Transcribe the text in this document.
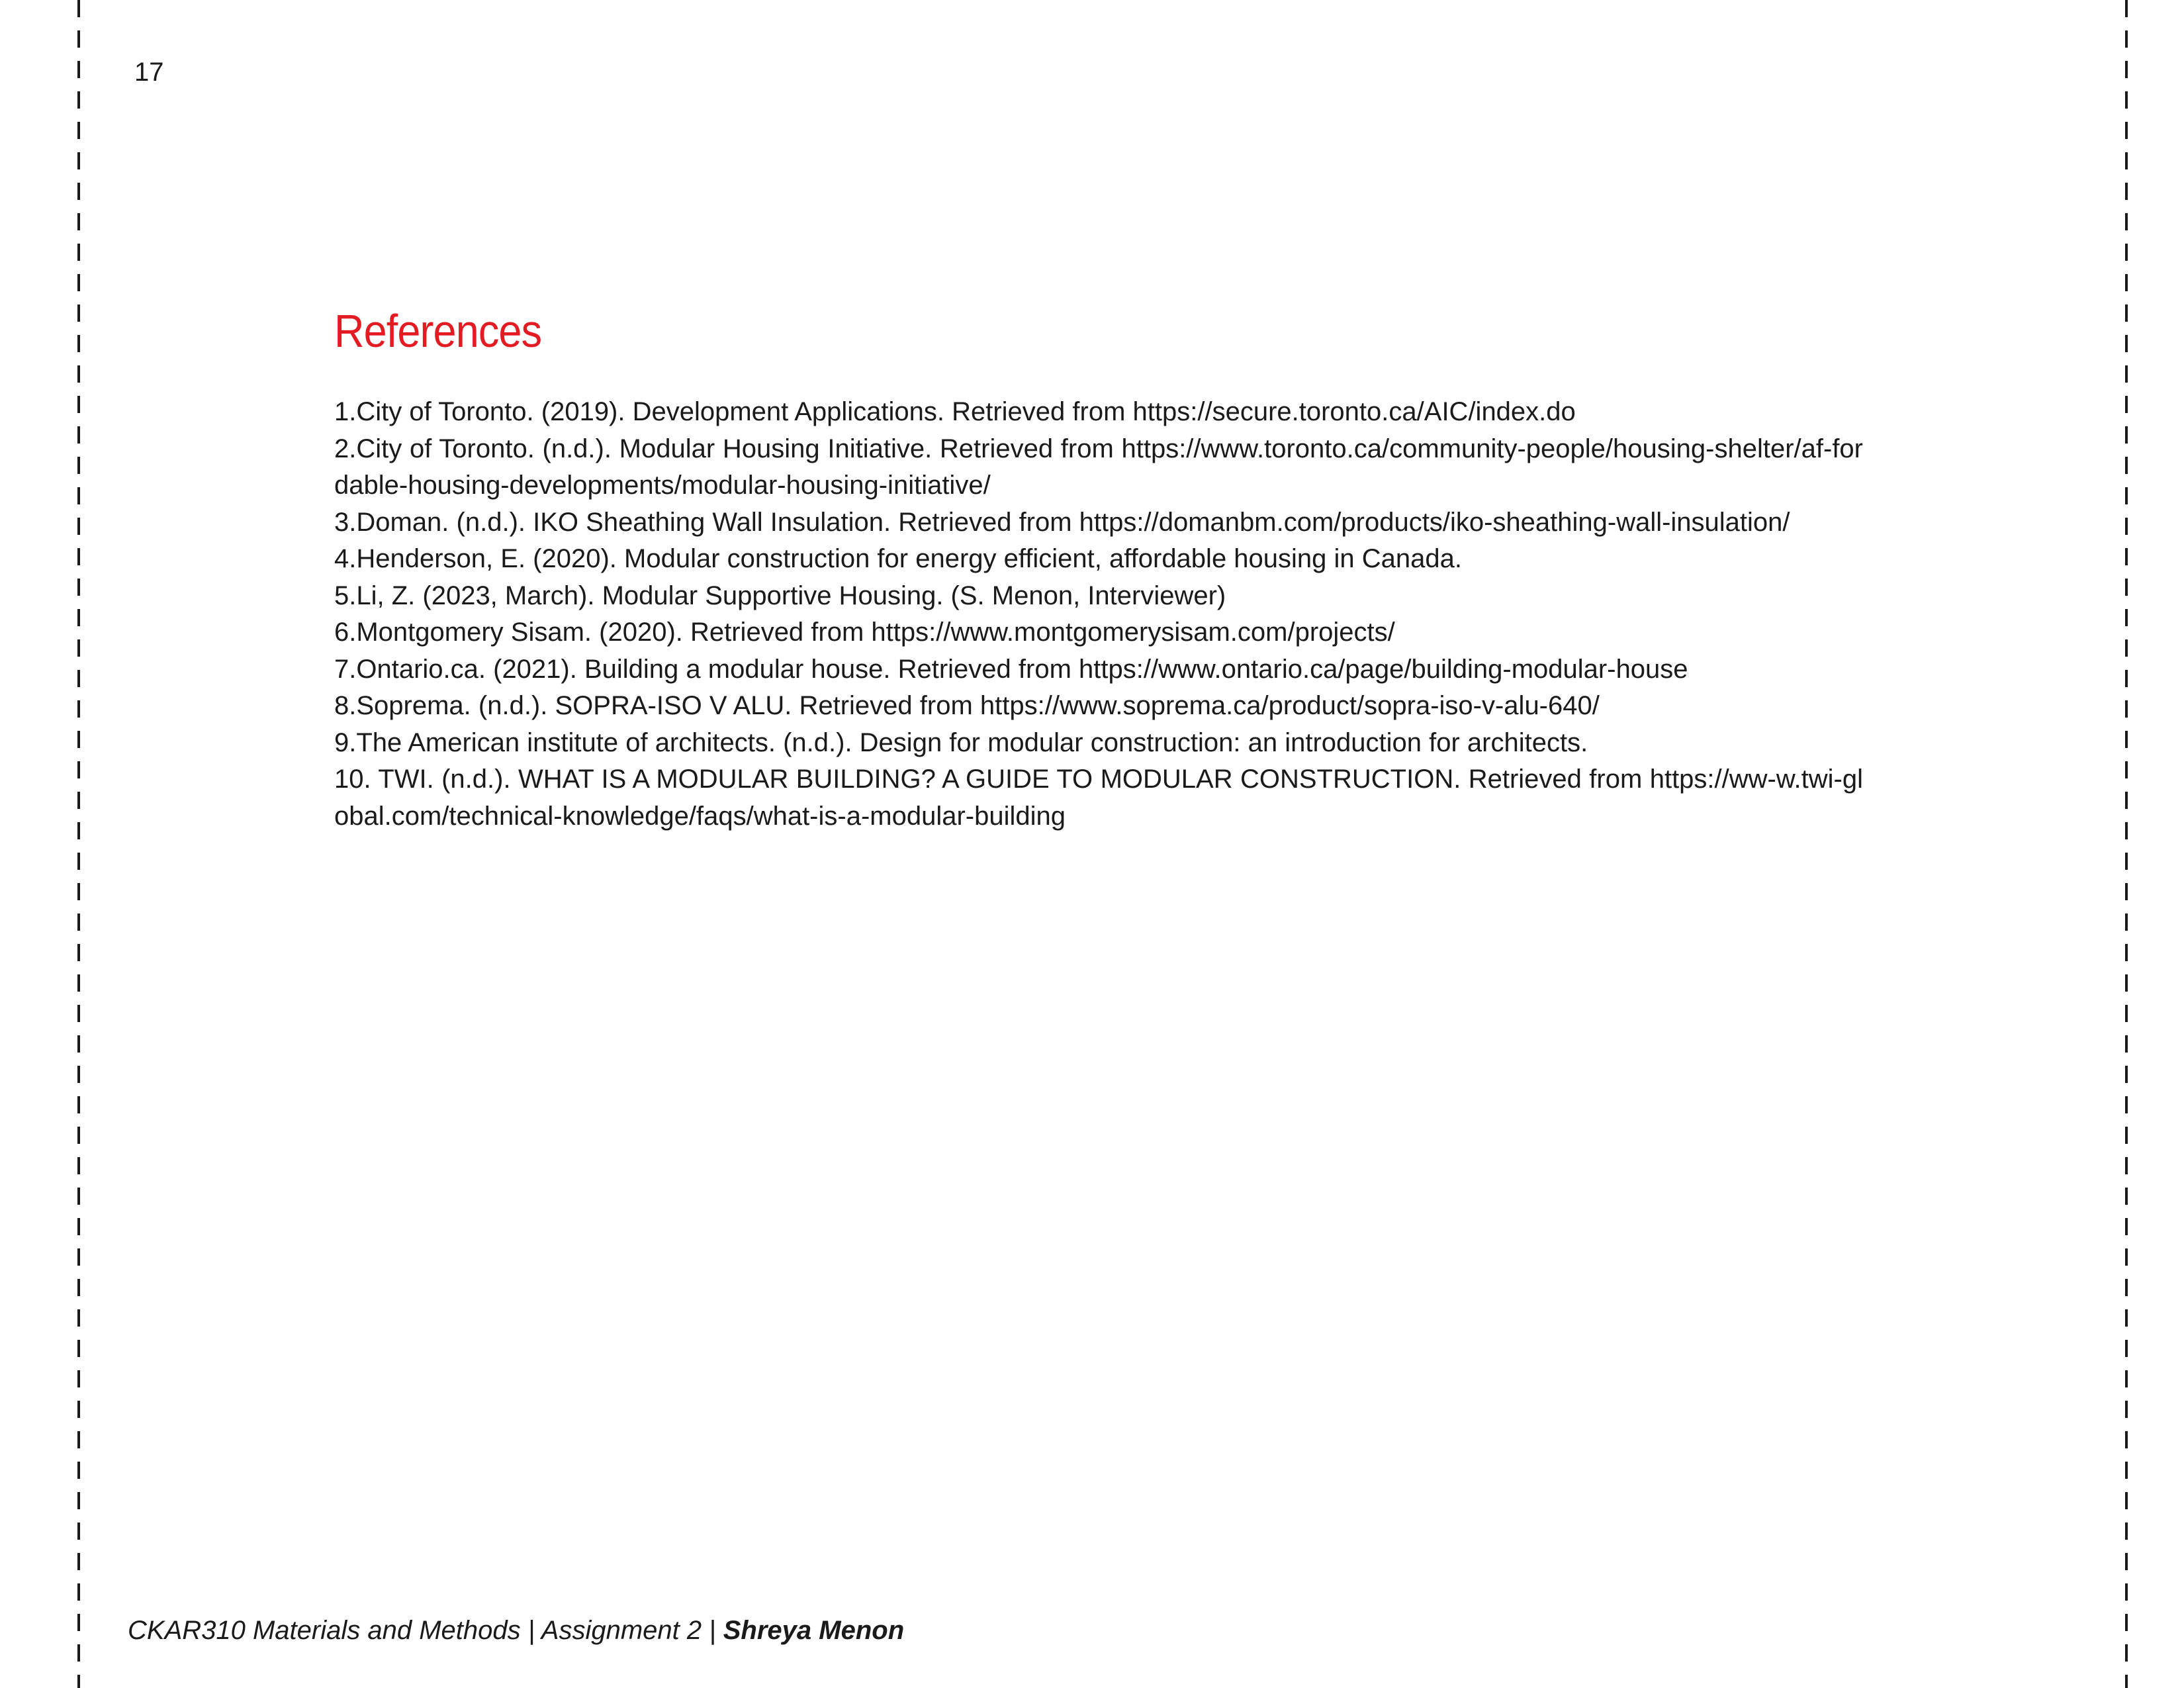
17
References
1.City of Toronto. (2019). Development Applications. Retrieved from https://secure.toronto.ca/AIC/index.do
2.City of Toronto. (n.d.). Modular Housing Initiative. Retrieved from https://www.toronto.ca/community-people/housing-shelter/af-fordable-housing-developments/modular-housing-initiative/
3.Doman. (n.d.). IKO Sheathing Wall Insulation. Retrieved from https://domanbm.com/products/iko-sheathing-wall-insulation/
4.Henderson, E. (2020). Modular construction for energy efficient, affordable housing in Canada.
5.Li, Z. (2023, March). Modular Supportive Housing. (S. Menon, Interviewer)
6.Montgomery Sisam. (2020). Retrieved from https://www.montgomerysisam.com/projects/
7.Ontario.ca. (2021). Building a modular house. Retrieved from https://www.ontario.ca/page/building-modular-house
8.Soprema. (n.d.). SOPRA-ISO V ALU. Retrieved from https://www.soprema.ca/product/sopra-iso-v-alu-640/
9.The American institute of architects. (n.d.). Design for modular construction: an introduction for architects.
10. TWI. (n.d.). WHAT IS A MODULAR BUILDING? A GUIDE TO MODULAR CONSTRUCTION. Retrieved from https://ww-w.twi-global.com/technical-knowledge/faqs/what-is-a-modular-building
CKAR310 Materials and Methods | Assignment 2 | Shreya Menon
